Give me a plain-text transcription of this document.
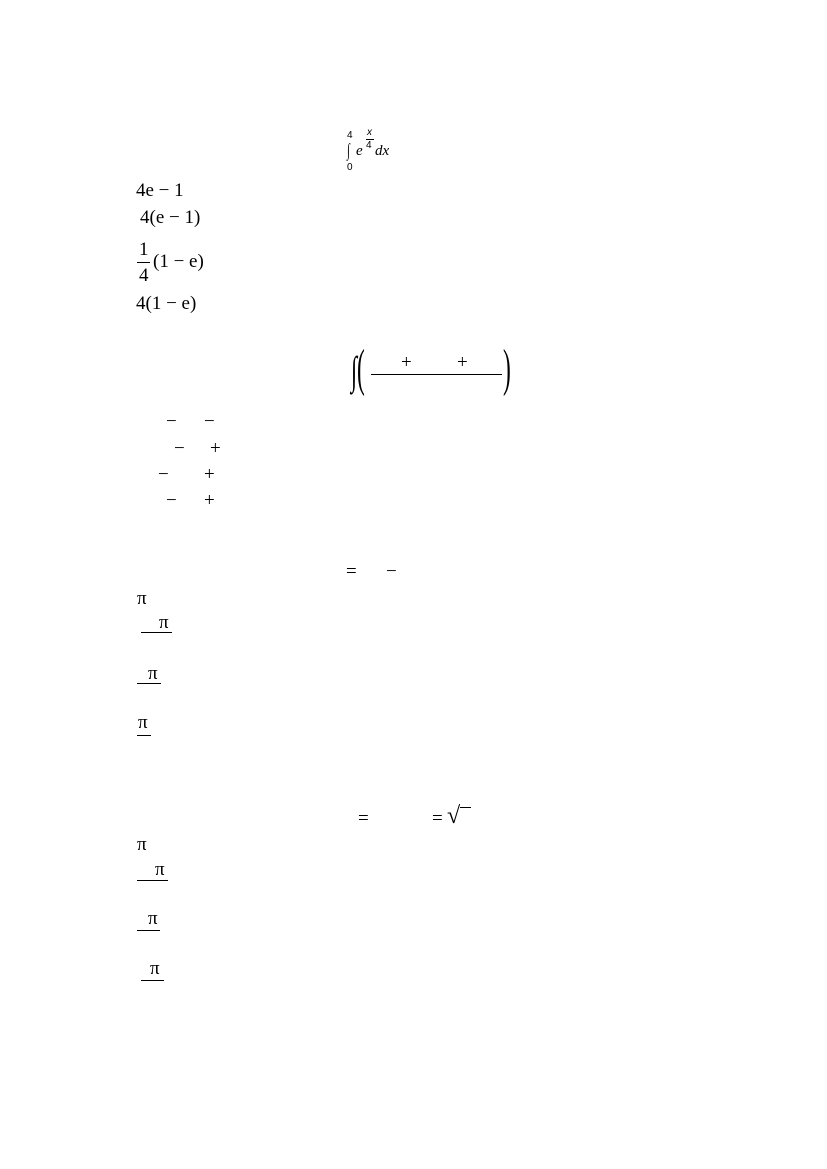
4
∫
0
e
x
4 dx
4e − 1
4(e − 1)
1
4
(1 − e)
4(1 − e)
∫ ( + + )
− −
− +
− +
− +
= −
π
π
π
π
=	= √
π
π
π
π
